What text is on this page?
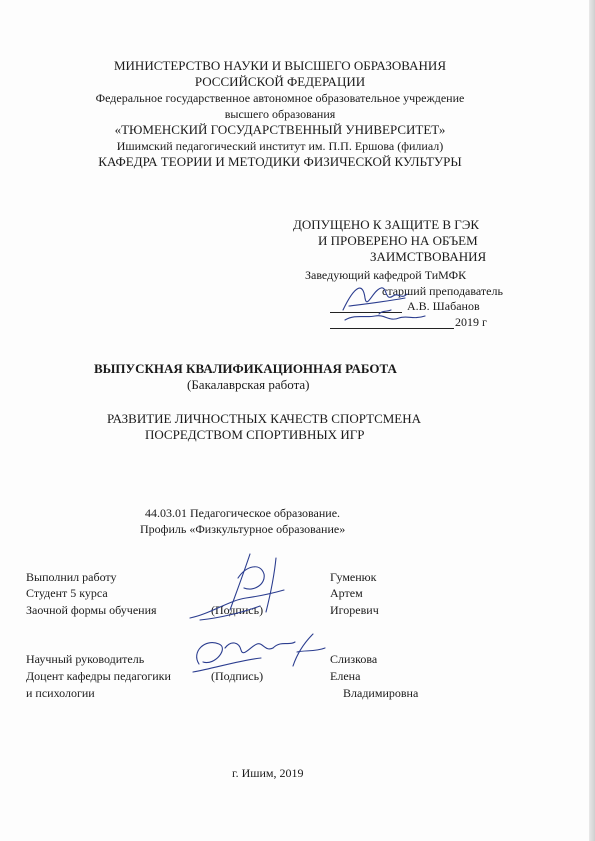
МИНИСТЕРСТВО НАУКИ И ВЫСШЕГО ОБРАЗОВАНИЯ
РОССИЙСКОЙ ФЕДЕРАЦИИ
Федеральное государственное автономное образовательное учреждение
высшего образования
«ТЮМЕНСКИЙ ГОСУДАРСТВЕННЫЙ УНИВЕРСИТЕТ»
Ишимский педагогический институт им. П.П. Ершова (филиал)
КАФЕДРА ТЕОРИИ И МЕТОДИКИ ФИЗИЧЕСКОЙ КУЛЬТУРЫ
ДОПУЩЕНО К ЗАЩИТЕ В ГЭК
И ПРОВЕРЕНО НА ОБЪЕМ
ЗАИМСТВОВАНИЯ
Заведующий кафедрой ТиМФК
старший преподаватель
А.В. Шабанов
2019 г
ВЫПУСКНАЯ КВАЛИФИКАЦИОННАЯ РАБОТА
(Бакалаврская работа)
РАЗВИТИЕ ЛИЧНОСТНЫХ КАЧЕСТВ СПОРТСМЕНА
ПОСРЕДСТВОМ СПОРТИВНЫХ ИГР
44.03.01 Педагогическое образование.
Профиль «Физкультурное образование»
Выполнил работу
Студент 5 курса
Заочной формы обучения	(Подпись)
Гуменюк
Артем
Игоревич
Научный руководитель
Доцент кафедры педагогики
и психологии
(Подпись)
Слизкова
Елена
Владимировна
г. Ишим, 2019
